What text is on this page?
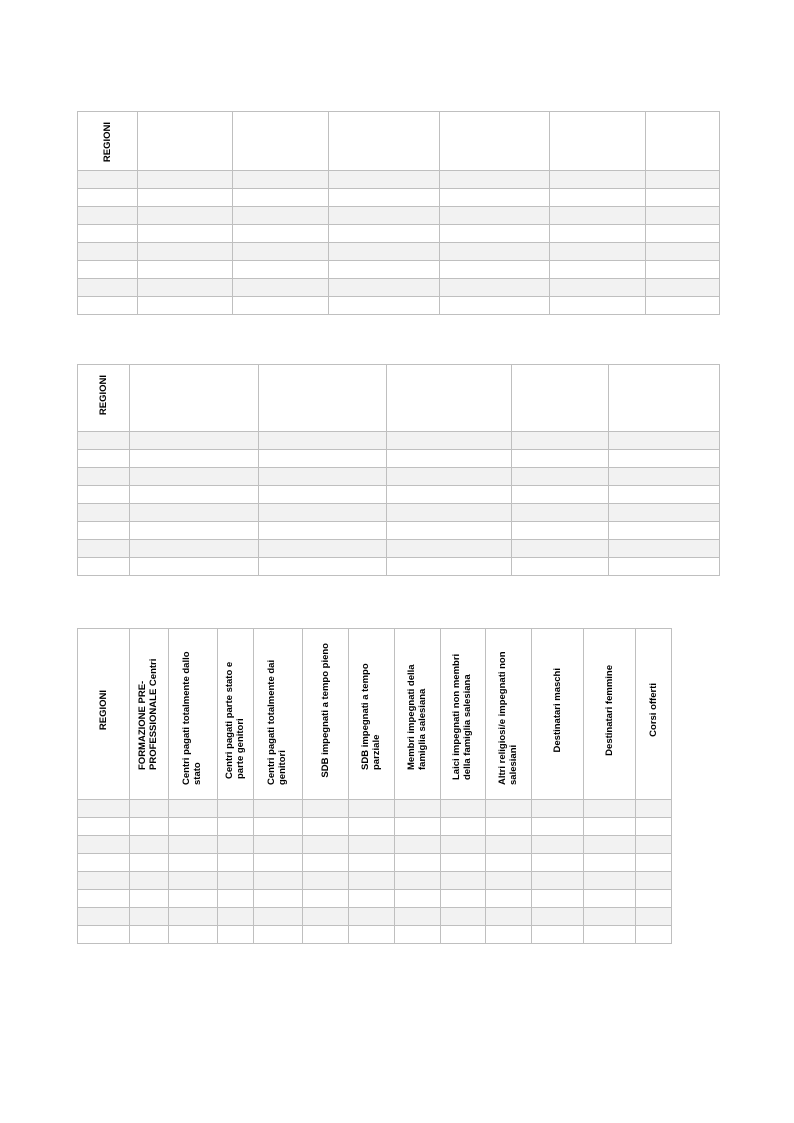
REGIONI						

REGIONI					

REGIONI	FORMAZIONE PRE-PROFESSIONALE Centri	Centri pagati totalmente dallo stato	Centri pagati parte stato e parte genitori	Centri pagati totalmente dai genitori	SDB impegnati a tempo pieno	SDB impegnati a tempo parziale	Membri impegnati della famiglia salesiana	Laici impegnati non membri della famiglia salesiana	Altri religiosi/e impegnati non salesiani	Destinatari maschi	Destinatari femmine	Corsi offerti
